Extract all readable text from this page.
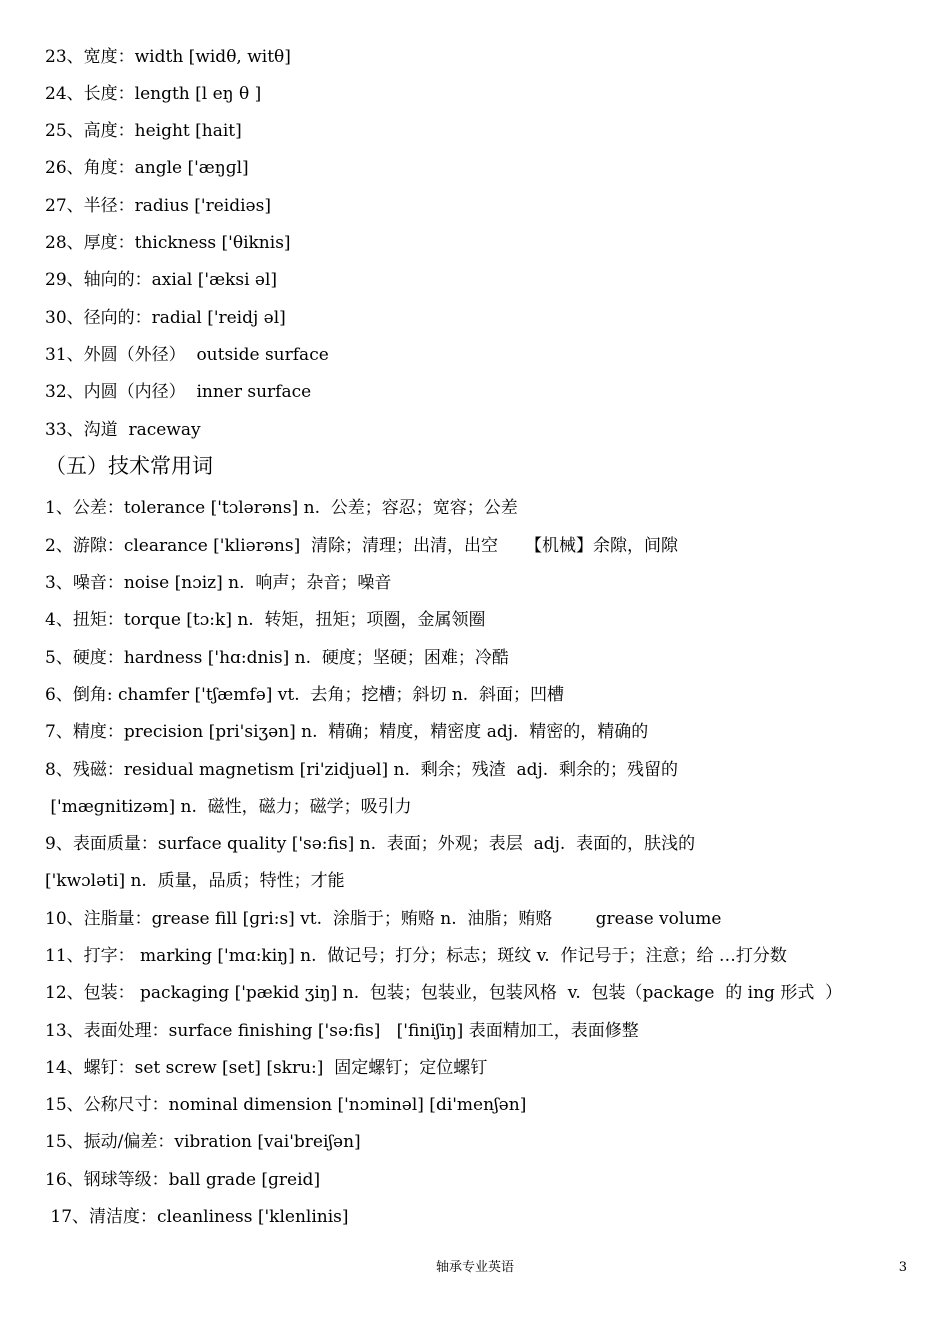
23、宽度：width [widθ, witθ]
24、长度：length [l eŋ θ ]
25、高度：height [hait]
26、角度：angle ['æŋɡl]
27、半径：radius ['reidiəs]
28、厚度：thickness ['θiknis]
29、轴向的：axial ['æksi əl]
30、径向的：radial ['reidj əl]
31、外圆（外径）  outside surface
32、内圆（内径）  inner surface
33、沟道  raceway
（五）技术常用词
1、公差：tolerance ['tɔlərəns] n.  公差；容忍；宽容；公差
2、游隙：clearance ['kliərəns]  清除；清理；出清，出空     【机械】余隙，间隙
3、噪音：noise [nɔiz] n.  响声；杂音；噪音
4、扭矩：torque [tɔ:k] n.  转矩，扭矩；项圈，金属领圈
5、硬度：hardness ['hɑ:dnis] n.  硬度；坚硬；困难；冷酷
6、倒角: chamfer ['tʃæmfə] vt.  去角；挖槽；斜切 n.  斜面；凹槽
7、精度：precision [pri'siʒən] n.  精确；精度，精密度 adj.  精密的，精确的
8、残磁：residual magnetism [ri'zidjuəl] n.  剩余；残渣  adj.  剩余的；残留的
['mæɡnitizəm] n.  磁性，磁力；磁学；吸引力
9、表面质量：surface quality ['sə:fis] n.  表面；外观；表层  adj.  表面的，肤浅的
['kwɔləti] n.  质量，品质；特性；才能
10、注脂量：grease fill [ɡri:s] vt.  涂脂于；贿赂 n.  油脂；贿赂        grease volume
11、打字： marking ['mɑ:kiŋ] n.  做记号；打分；标志；斑纹 v.  作记号于；注意；给 …打分数
12、包装： packaging ['pækid ʒiŋ] n.  包装；包装业，包装风格  v.  包装（package  的 ing 形式  ）
13、表面处理：surface finishing ['sə:fis]   ['finiʃiŋ] 表面精加工，表面修整
14、螺钉：set screw [set] [skru:]  固定螺钉；定位螺钉
15、公称尺寸：nominal dimension ['nɔminəl] [di'menʃən]
15、振动/偏差：vibration [vai'breiʃən]
16、钢球等级：ball grade [ɡreid]
17、清洁度：cleanliness ['klenlinis]
轴承专业英语	3
